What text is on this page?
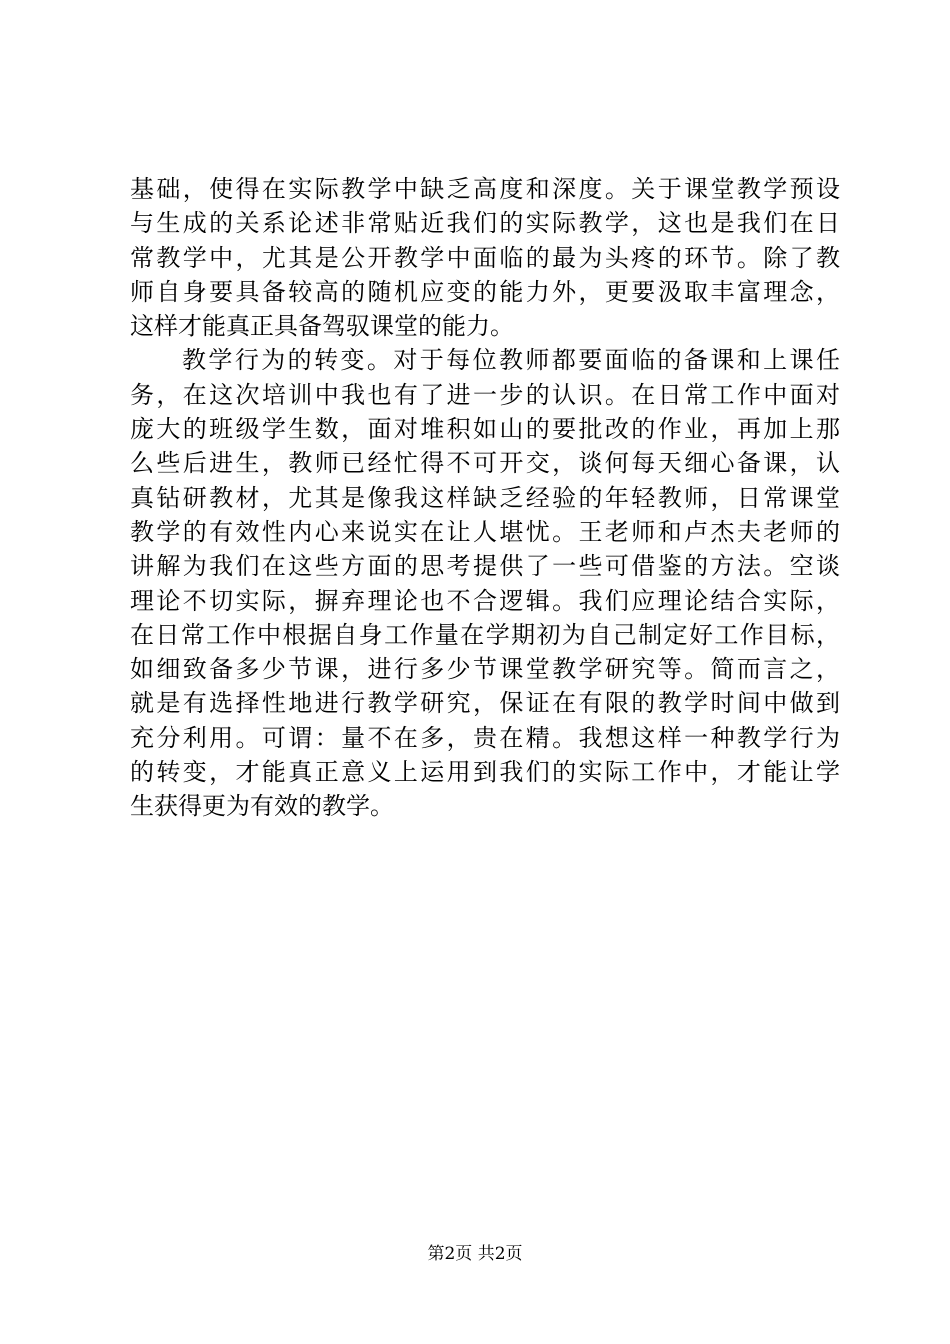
基础，使得在实际教学中缺乏高度和深度。关于课堂教学预设
与生成的关系论述非常贴近我们的实际教学，这也是我们在日
常教学中，尤其是公开教学中面临的最为头疼的环节。除了教
师自身要具备较高的随机应变的能力外，更要汲取丰富理念，
这样才能真正具备驾驭课堂的能力。
教学行为的转变。对于每位教师都要面临的备课和上课任
务，在这次培训中我也有了进一步的认识。在日常工作中面对
庞大的班级学生数，面对堆积如山的要批改的作业，再加上那
么些后进生，教师已经忙得不可开交，谈何每天细心备课，认
真钻研教材，尤其是像我这样缺乏经验的年轻教师，日常课堂
教学的有效性内心来说实在让人堪忧。王老师和卢杰夫老师的
讲解为我们在这些方面的思考提供了一些可借鉴的方法。空谈
理论不切实际，摒弃理论也不合逻辑。我们应理论结合实际，
在日常工作中根据自身工作量在学期初为自己制定好工作目标，
如细致备多少节课，进行多少节课堂教学研究等。简而言之，
就是有选择性地进行教学研究，保证在有限的教学时间中做到
充分利用。可谓：量不在多，贵在精。我想这样一种教学行为
的转变，才能真正意义上运用到我们的实际工作中，才能让学
生获得更为有效的教学。
第2页 共2页
